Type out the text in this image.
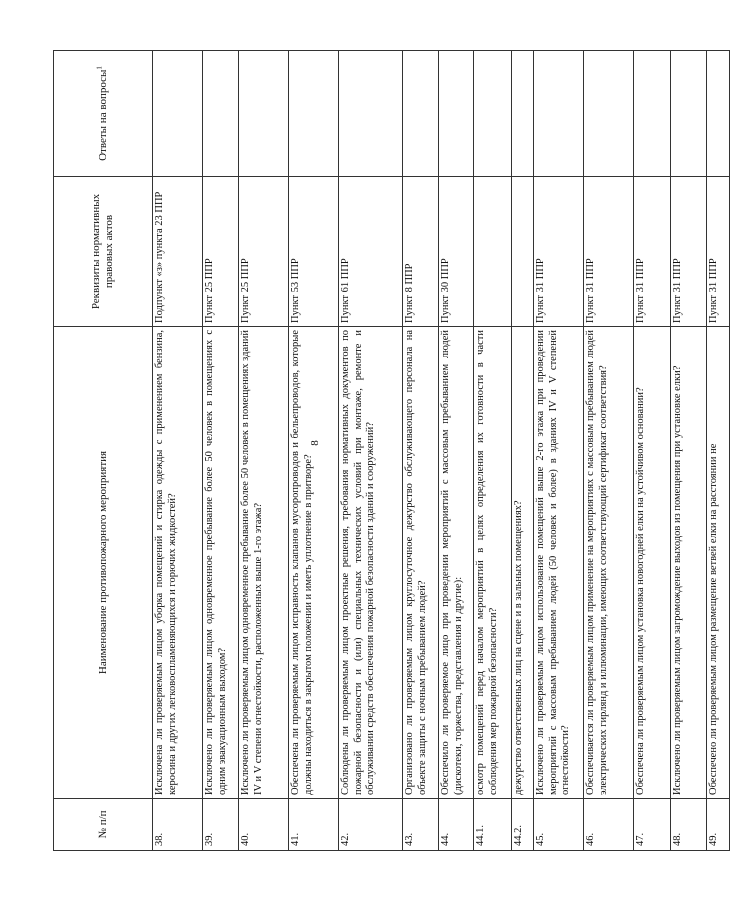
8
№ п/п	Наименование противопожарного мероприятия	Реквизиты нормативных правовых актов	Ответы на вопросы$^1$
38.	Исключена ли проверяемым лицом уборка помещений и стирка одежды с применением бензина, керосина и других легковоспламеняющихся и горючих жидкостей?	Подпункт «з» пункта 23 ППР	
39.	Исключено ли проверяемым лицом одновременное пребывание более 50 человек в помещениях с одним эвакуационным выходом?	Пункт 25 ППР	
40.	Исключено ли проверяемым лицом одновременное пребывание более 50 человек в помещениях зданий IV и V степени огнестойкости, расположенных выше 1-го этажа?	Пункт 25 ППР	
41.	Обеспечена ли проверяемым лицом исправность клапанов мусоропроводов и бельепроводов, которые должны находиться в закрытом положении и иметь уплотнение в притворе?	Пункт 53 ППР	
42.	Соблюдены ли проверяемым лицом проектные решения, требования нормативных документов по пожарной безопасности и (или) специальных технических условий при монтаже, ремонте и обслуживании средств обеспечения пожарной безопасности зданий и сооружений?	Пункт 61 ППР	
43.	Организовано ли проверяемым лицом круглосуточное дежурство обслуживающего персонала на объекте защиты с ночным пребыванием людей?	Пункт 8 ППР	
44.	Обеспечило ли проверяемое лицо при проведении мероприятий с массовым пребыванием людей (дискотеки, торжества, представления и другие):	Пункт 30 ППР	
44.1.	осмотр помещений перед началом мероприятий в целях определения их готовности в части соблюдения мер пожарной безопасности?		
44.2.	дежурство ответственных лиц на сцене и в зальных помещениях?		
45.	Исключено ли проверяемым лицом использование помещений выше 2-го этажа при проведении мероприятий с массовым пребыванием людей (50 человек и более) в зданиях IV и V степеней огнестойкости?	Пункт 31 ППР	
46.	Обеспечивается ли проверяемым лицом применение на мероприятиях с массовым пребыванием людей электрических гирлянд и иллюминации, имеющих соответствующий сертификат соответствия?	Пункт 31 ППР	
47.	Обеспечена ли проверяемым лицом установка новогодней елки на устойчивом основании?	Пункт 31 ППР	
48.	Исключено ли проверяемым лицом загромождение выходов из помещения при установке елки?	Пункт 31 ППР	
49.	Обеспечено ли проверяемым лицом размещение ветвей елки на расстоянии не	Пункт 31 ППР	
